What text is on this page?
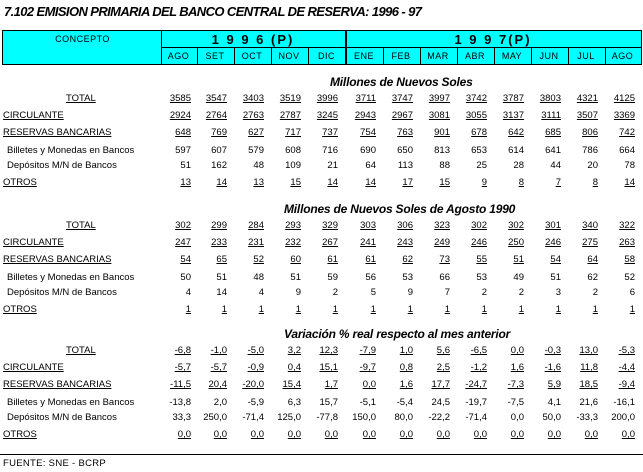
7.102 EMISION PRIMARIA DEL BANCO CENTRAL DE RESERVA: 1996 - 97
CONCEPTO	1 9 9 6 (P)
AGO	SET	OCT	NOV	DIC
1 9 9 7(P)
ENE	FEB	MAR	ABR	MAY	JUN	JUL	AGO
Millones de Nuevos Soles
TOTAL	3585	3547	3403	3519	3996	3711	3747	3997	3742	3787	3803	4321	4125
CIRCULANTE	2924	2764	2763	2787	3245	2943	2967	3081	3055	3137	3111	3507	3369
RESERVAS BANCARIAS	648	769	627	717	737	754	763	901	678	642	685	806	742
Billetes y Monedas en Bancos	597	607	579	608	716	690	650	813	653	614	641	786	664
Depósitos M/N de Bancos	51	162	48	109	21	64	113	88	25	28	44	20	78
OTROS	13	14	13	15	14	14	17	15	9	8	7	8	14
Millones de Nuevos Soles de Agosto 1990
TOTAL	302	299	284	293	329	303	306	323	302	302	301	340	322
CIRCULANTE	247	233	231	232	267	241	243	249	246	250	246	275	263
RESERVAS BANCARIAS	54	65	52	60	61	61	62	73	55	51	54	64	58
Billetes y Monedas en Bancos	50	51	48	51	59	56	53	66	53	49	51	62	52
Depósitos M/N de Bancos	4	14	4	9	2	5	9	7	2	2	3	2	6
OTROS	1	1	1	1	1	1	1	1	1	1	1	1	1
Variación % real respecto al mes anterior
TOTAL	-6,8	-1,0	-5,0	3,2	12,3	-7,9	1,0	5,6	-6,5	0,0	-0,3	13,0	-5,3
CIRCULANTE	-5,7	-5,7	-0,9	0,4	15,1	-9,7	0,8	2,5	-1,2	1,6	-1,6	11,8	-4,4
RESERVAS BANCARIAS	-11,5	20,4	-20,0	15,4	1,7	0,0	1,6	17,7	-24,7	-7,3	5,9	18,5	-9,4
Billetes y Monedas en Bancos	-13,8	2,0	-5,9	6,3	15,7	-5,1	-5,4	24,5	-19,7	-7,5	4,1	21,6	-16,1
Depósitos M/N de Bancos	33,3	250,0	-71,4	125,0	-77,8	150,0	80,0	-22,2	-71,4	0,0	50,0	-33,3	200,0
OTROS	0,0	0,0	0,0	0,0	0,0	0,0	0,0	0,0	0,0	0,0	0,0	0,0	0,0
FUENTE: SNE - BCRP
